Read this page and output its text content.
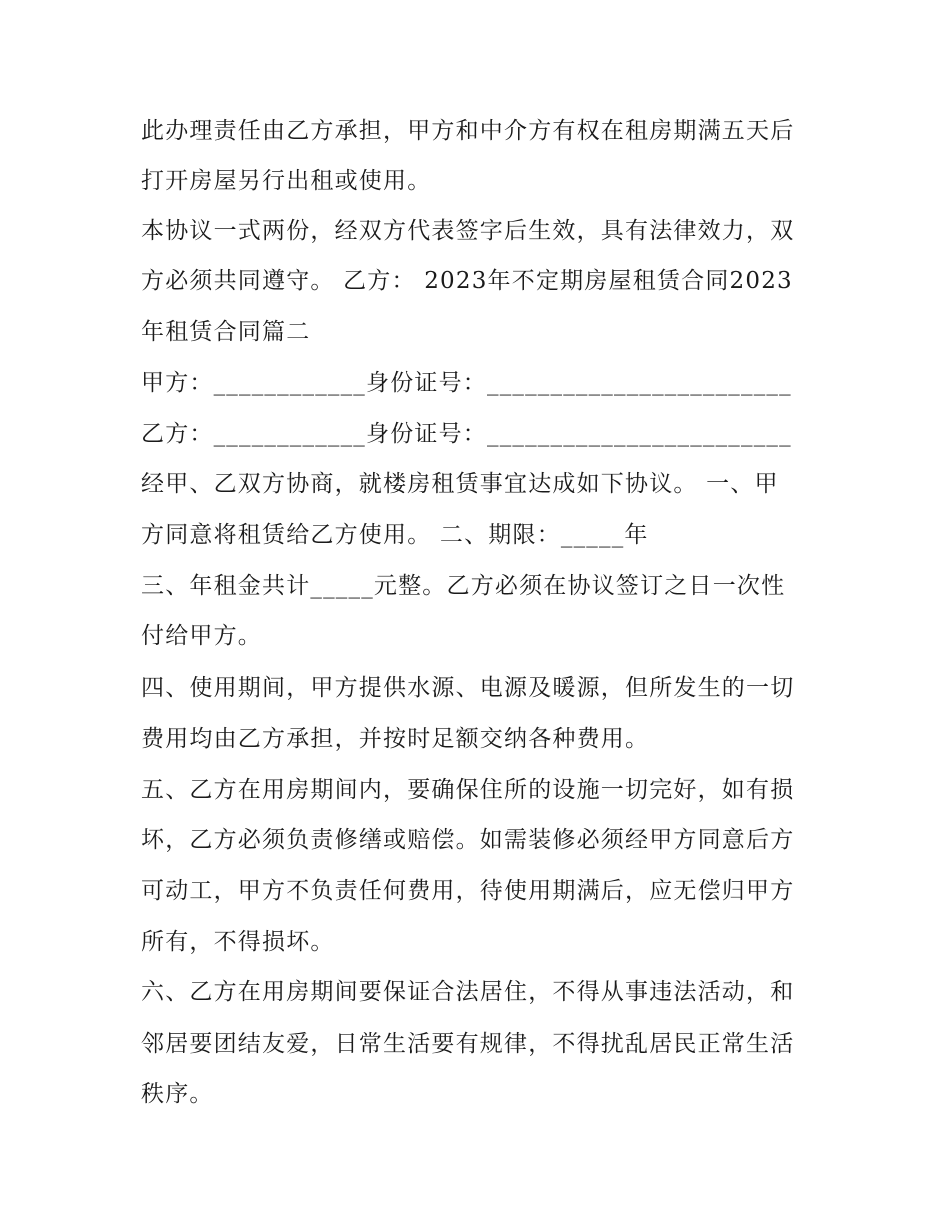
此办理责任由乙方承担，甲方和中介方有权在租房期满五天后
打开房屋另行出租或使用。
本协议一式两份，经双方代表签字后生效，具有法律效力，双
方必须共同遵守。 乙方： 2023年不定期房屋租赁合同2023
年租赁合同篇二
甲方：____________身份证号：________________________
乙方：____________身份证号：________________________
经甲、乙双方协商，就楼房租赁事宜达成如下协议。 一、甲
方同意将租赁给乙方使用。 二、期限：_____年
三、年租金共计_____元整。乙方必须在协议签订之日一次性
付给甲方。
四、使用期间，甲方提供水源、电源及暖源，但所发生的一切
费用均由乙方承担，并按时足额交纳各种费用。
五、乙方在用房期间内，要确保住所的设施一切完好，如有损
坏，乙方必须负责修缮或赔偿。如需装修必须经甲方同意后方
可动工，甲方不负责任何费用，待使用期满后，应无偿归甲方
所有，不得损坏。
六、乙方在用房期间要保证合法居住，不得从事违法活动，和
邻居要团结友爱，日常生活要有规律，不得扰乱居民正常生活
秩序。
